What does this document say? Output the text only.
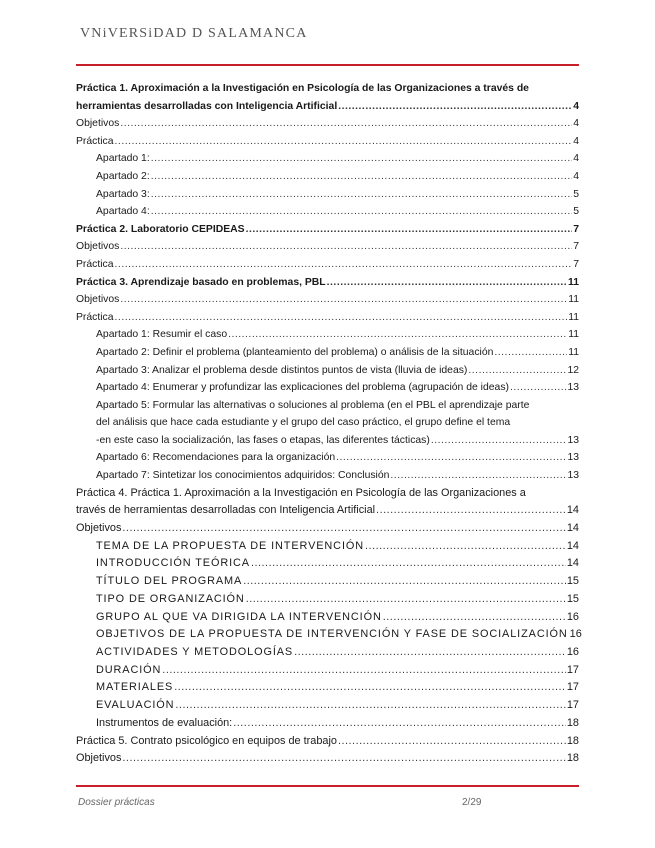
VNiVERSiDAD D SALAMANCA
Práctica 1. Aproximación a la Investigación en Psicología de las Organizaciones a través de
herramientas desarrolladas con Inteligencia Artificial .....	4
Objetivos .....	4
Práctica .....	4
Apartado 1: .....	4
Apartado 2: .....	4
Apartado 3: .....	5
Apartado 4: .....	5
Práctica 2. Laboratorio CEPIDEAS .....	7
Objetivos .....	7
Práctica .....	7
Práctica 3. Aprendizaje basado en problemas, PBL .....	11
Objetivos .....	11
Práctica .....	11
Apartado 1: Resumir el caso .....	11
Apartado 2: Definir el problema (planteamiento del problema) o análisis de la situación .....	11
Apartado 3: Analizar el problema desde distintos puntos de vista (lluvia de ideas) .....	12
Apartado 4: Enumerar y profundizar las explicaciones del problema (agrupación de ideas) .....	13
Apartado 5: Formular las alternativas o soluciones al problema (en el PBL el aprendizaje parte
del análisis que hace cada estudiante y el grupo del caso práctico, el grupo define el tema
-en este caso la socialización, las fases o etapas, las diferentes tácticas) .....	13
Apartado 6: Recomendaciones para la organización .....	13
Apartado 7: Sintetizar los conocimientos adquiridos: Conclusión .....	13
Práctica 4. Práctica 1. Aproximación a la Investigación en Psicología de las Organizaciones a
través de herramientas desarrolladas con Inteligencia Artificial .....	14
Objetivos .....	14
TEMA DE LA PROPUESTA DE INTERVENCIÓN .....	14
INTRODUCCIÓN TEÓRICA .....	14
TÍTULO DEL PROGRAMA .....	15
TIPO DE ORGANIZACIÓN .....	15
GRUPO AL QUE VA DIRIGIDA LA INTERVENCIÓN .....	16
OBJETIVOS DE LA PROPUESTA DE INTERVENCIÓN Y FASE DE SOCIALIZACIÓN 16
ACTIVIDADES Y METODOLOGÍAS .....	16
DURACIÓN .....	17
MATERIALES .....	17
EVALUACIÓN .....	17
Instrumentos de evaluación: .....	18
Práctica 5. Contrato psicológico en equipos de trabajo .....	18
Objetivos .....	18
Dossier prácticas	2/29
